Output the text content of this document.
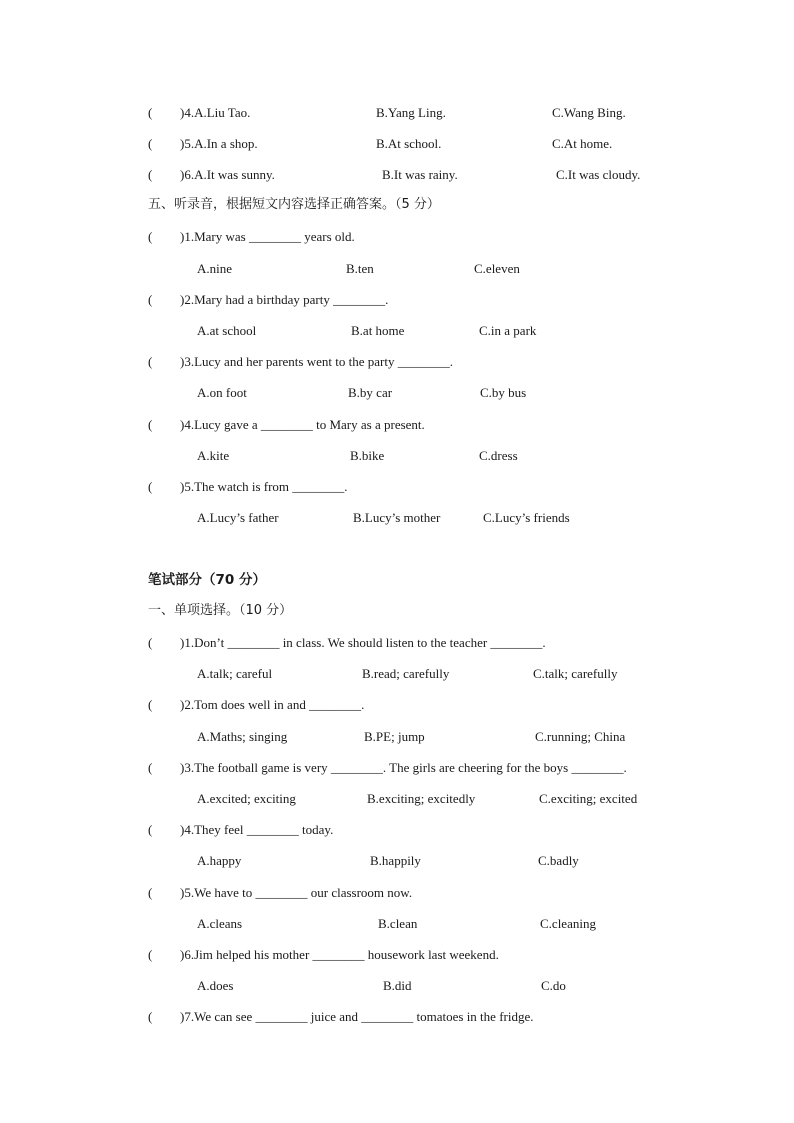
( )4.A.Liu Tao.	B.Yang Ling.	C.Wang Bing.
( )5.A.In a shop.	B.At school.	C.At home.
( )6.A.It was sunny.	B.It was rainy.	C.It was cloudy.
五、听录音，根据短文内容选择正确答案。（5 分）
( )1.Mary was ________ years old.
A.nine	B.ten	C.eleven
( )2.Mary had a birthday party ________.
A.at school	B.at home	C.in a park
( )3.Lucy and her parents went to the party ________.
A.on foot	B.by car	C.by bus
( )4.Lucy gave a ________ to Mary as a present.
A.kite	B.bike	C.dress
( )5.The watch is from ________.
A.Lucy’s father	B.Lucy’s mother	C.Lucy’s friends
笔试部分（70 分）
一、单项选择。（10 分）
( )1.Don’t ________ in class. We should listen to the teacher ________.
A.talk; careful	B.read; carefully	C.talk; carefully
( )2.Tom does well in and ________.
A.Maths; singing	B.PE; jump	C.running; China
( )3.The football game is very ________. The girls are cheering for the boys ________.
A.excited; exciting	B.exciting; excitedly	C.exciting; excited
( )4.They feel ________ today.
A.happy	B.happily	C.badly
( )5.We have to ________ our classroom now.
A.cleans	B.clean	C.cleaning
( )6.Jim helped his mother ________ housework last weekend.
A.does	B.did	C.do
( )7.We can see ________ juice and ________ tomatoes in the fridge.
